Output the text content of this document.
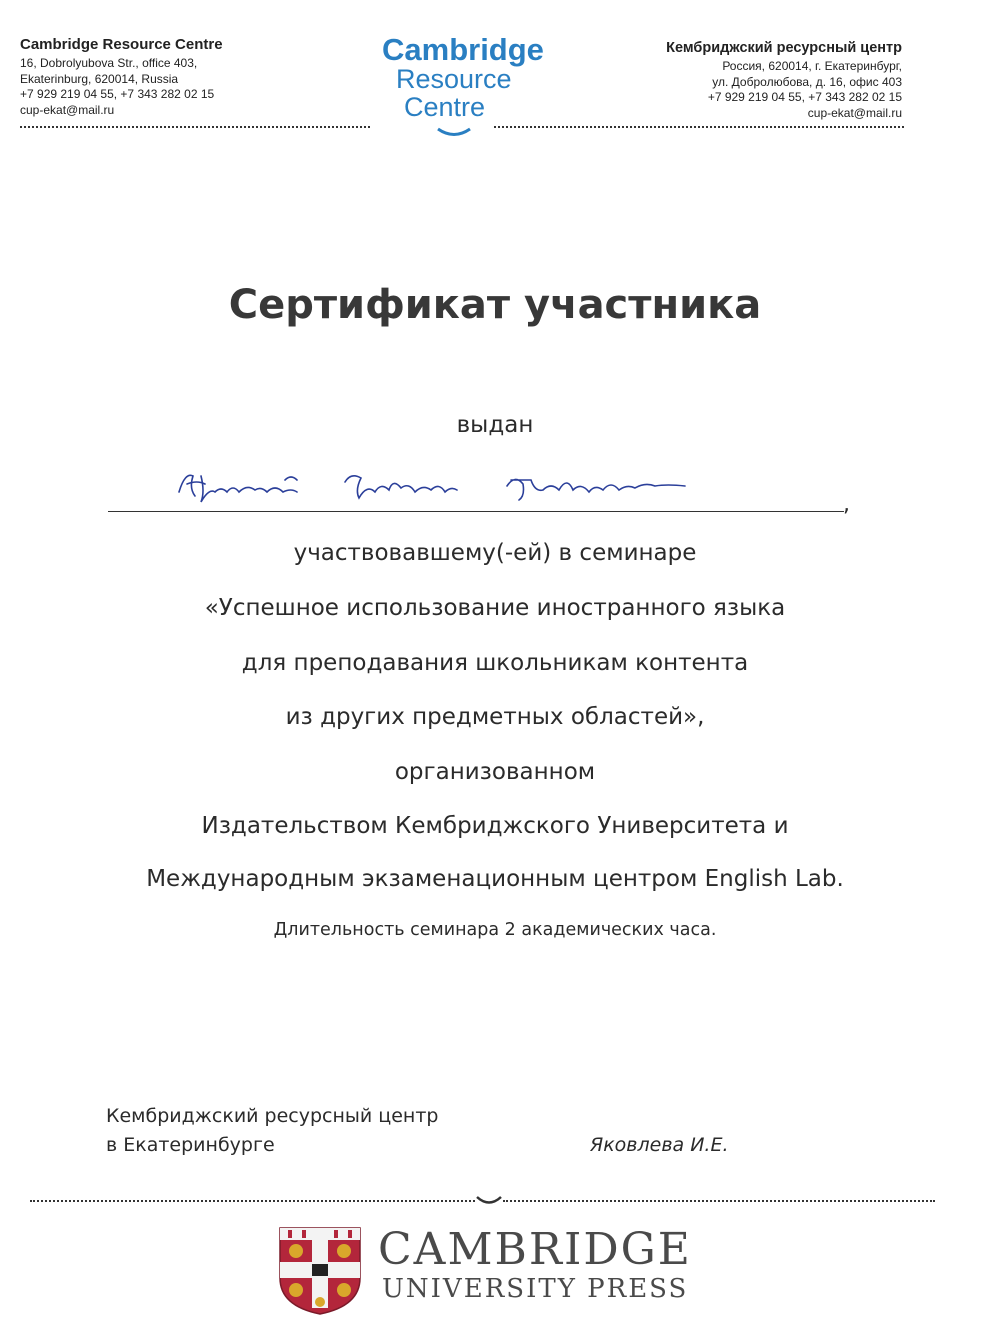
Cambridge Resource Centre
16, Dobrolyubova Str., office 403,
Ekaterinburg, 620014, Russia
+7 929 219 04 55, +7 343 282 02 15
cup-ekat@mail.ru
Cambridge
Resource
Centre
Кембриджский ресурсный центр
Россия, 620014, г. Екатеринбург,
ул. Добролюбова, д. 16, офис 403
+7 929 219 04 55, +7 343 282 02 15
cup-ekat@mail.ru
Сертификат участника
выдан
,
участвовавшему(-ей) в семинаре
«Успешное использование иностранного языка
для преподавания школьникам контента
из других предметных областей»,
организованном
Издательством Кембриджского Университета и
Международным экзаменационным центром English Lab.
Длительность семинара 2 академических часа.
Кембриджский ресурсный центр
в Екатеринбурге	Яковлева И.Е.
CAMBRIDGE
UNIVERSITY PRESS
